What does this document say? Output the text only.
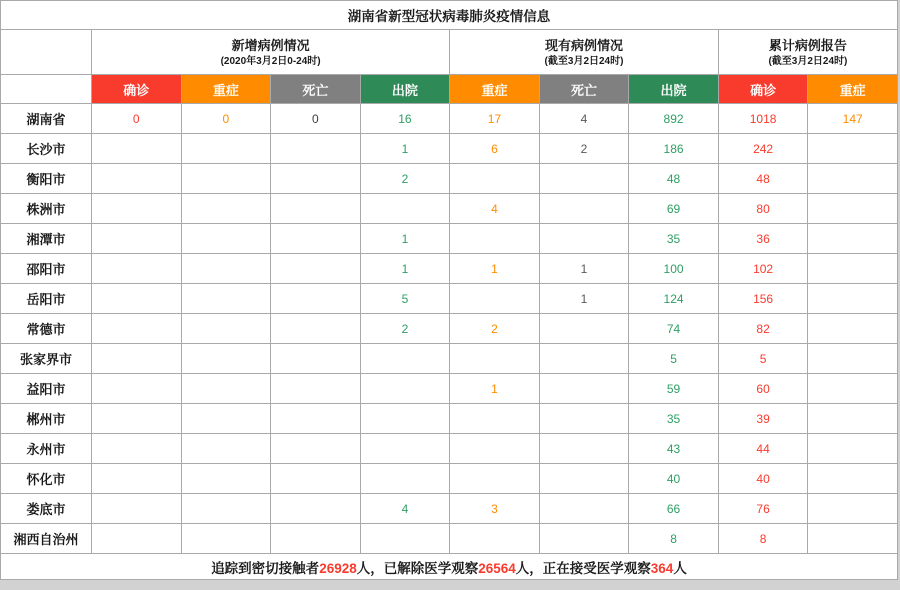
湖南省新型冠状病毒肺炎疫情信息									

新增病例情况
(2020年3月2日0-24时)

现有病例情况
(截至3月2日24时)

累计病例报告
(截至3月2日24时)

	确诊	重症	死亡	出院	重症	死亡	出院	确诊	重症
湖南省	0	0	0	16	17	4	892	1018	147
长沙市				1	6	2	186	242	
衡阳市				2			48	48	
株洲市					4		69	80	
湘潭市				1			35	36	
邵阳市				1	1	1	100	102	
岳阳市				5		1	124	156	
常德市				2	2		74	82	
张家界市							5	5	
益阳市					1		59	60	
郴州市							35	39	
永州市							43	44	
怀化市							40	40	
娄底市				4	3		66	76	
湘西自治州							8	8	
追踪到密切接触者26928人，已解除医学观察26564人，正在接受医学观察364人									
